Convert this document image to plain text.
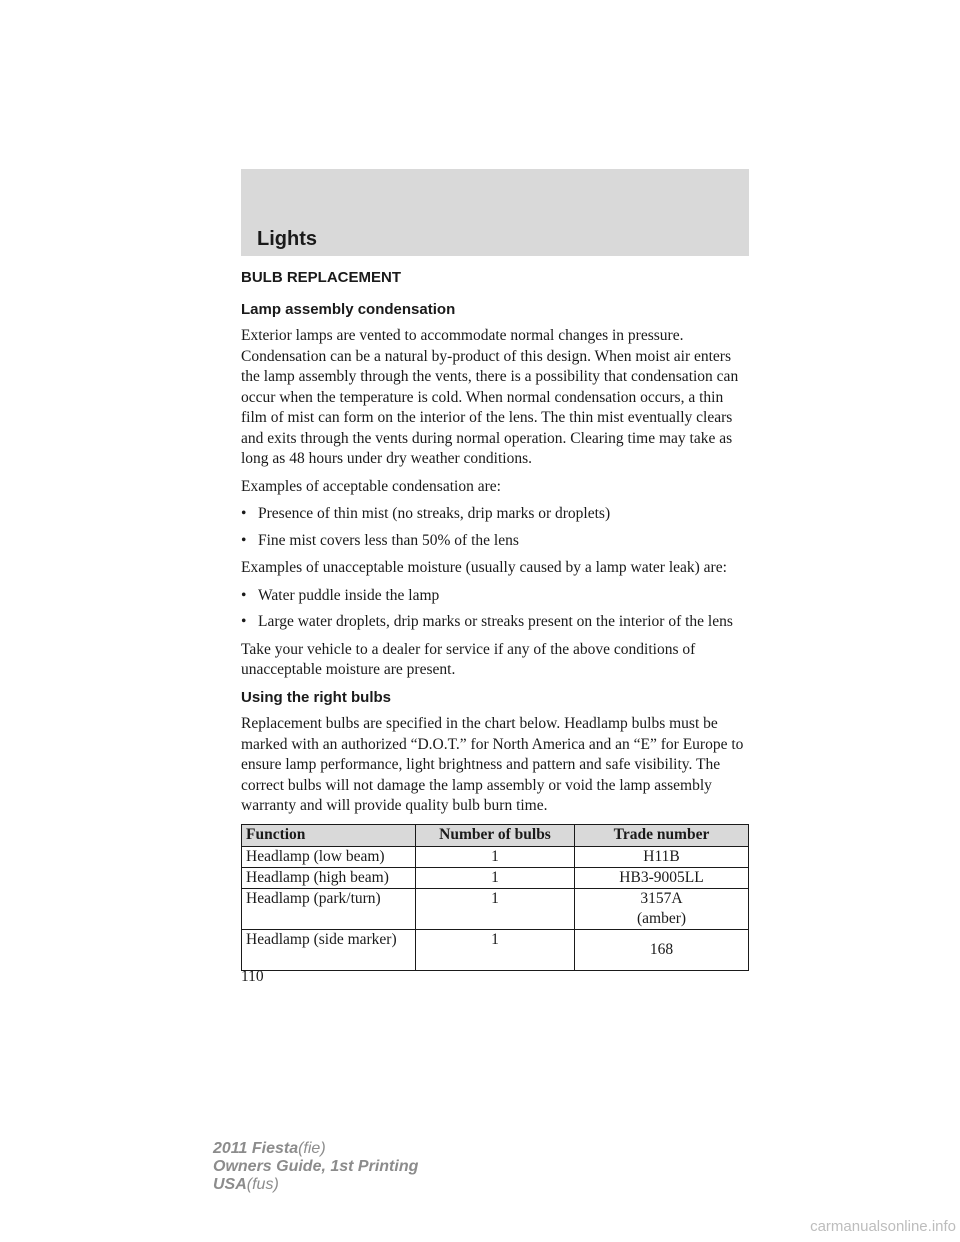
Lights
BULB REPLACEMENT
Lamp assembly condensation

Exterior lamps are vented to accommodate normal changes in pressure. Condensation can be a natural by-product of this design. When moist air enters the lamp assembly through the vents, there is a possibility that condensation can occur when the temperature is cold. When normal condensation occurs, a thin film of mist can form on the interior of the lens. The thin mist eventually clears and exits through the vents during normal operation. Clearing time may take as long as 48 hours under dry weather conditions.

Examples of acceptable condensation are:

• Presence of thin mist (no streaks, drip marks or droplets)
• Fine mist covers less than 50% of the lens

Examples of unacceptable moisture (usually caused by a lamp water leak) are:

• Water puddle inside the lamp
• Large water droplets, drip marks or streaks present on the interior of the lens

Take your vehicle to a dealer for service if any of the above conditions of unacceptable moisture are present.

Using the right bulbs

Replacement bulbs are specified in the chart below. Headlamp bulbs must be marked with an authorized “D.O.T.” for North America and an “E” for Europe to ensure lamp performance, light brightness and pattern and safe visibility. The correct bulbs will not damage the lamp assembly or void the lamp assembly warranty and will provide quality bulb burn time.

Function	Number of bulbs	Trade number
Headlamp (low beam)	1	H11B
Headlamp (high beam)	1	HB3-9005LL
Headlamp (park/turn)	1	3157A
(amber)

Headlamp (side marker)	1	168
110
2011 Fiesta(fie)
Owners Guide, 1st Printing
USA(fus)
carmanualsonline.info
